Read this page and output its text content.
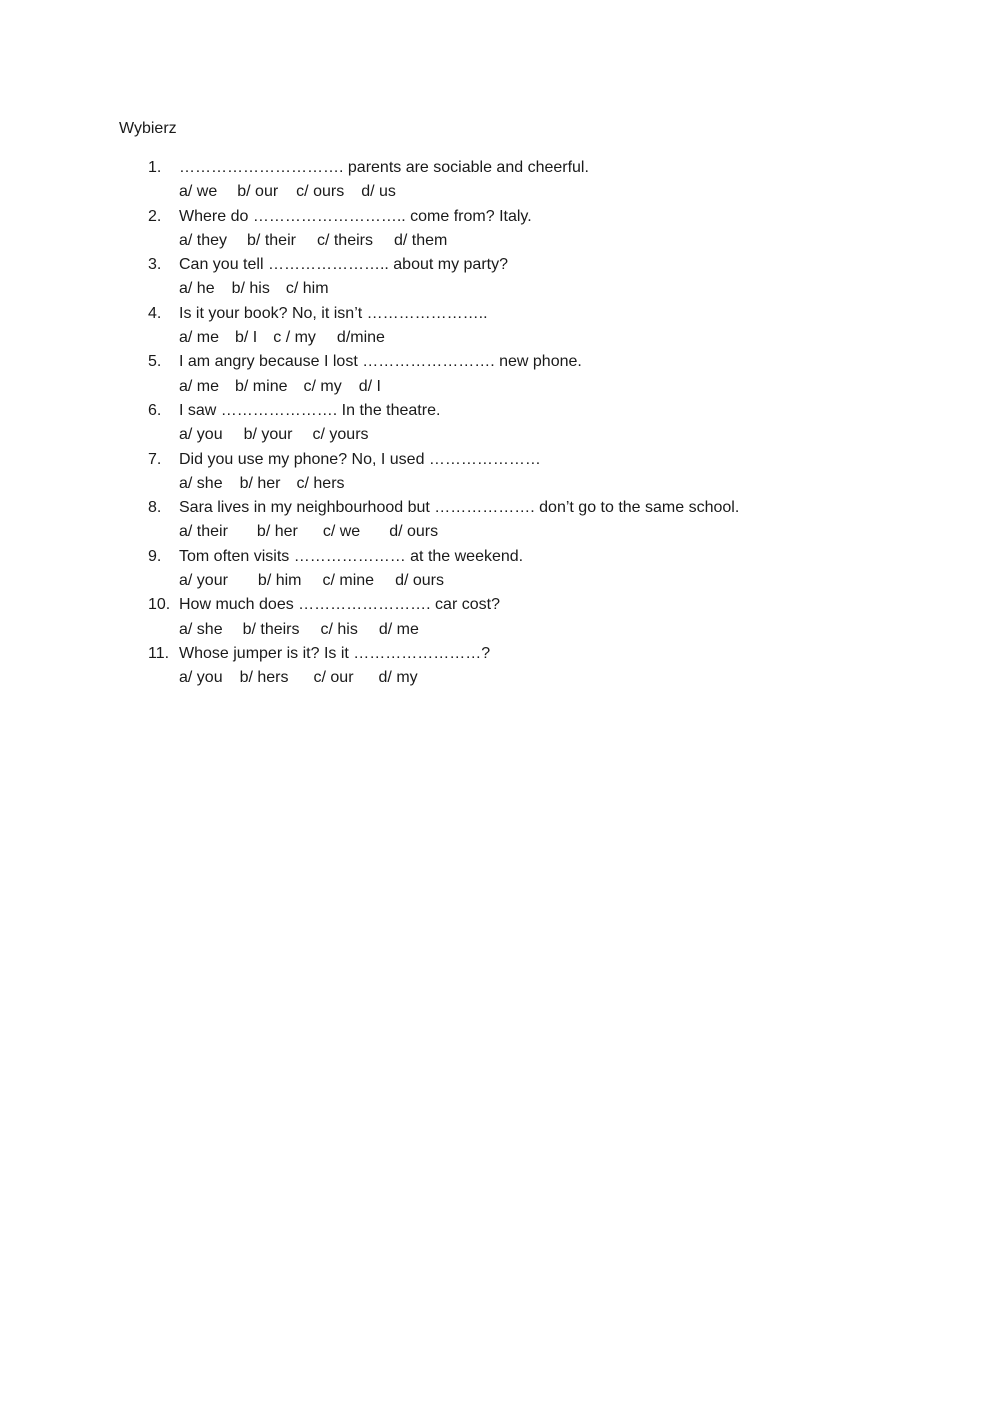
Wybierz
1.	…………………………. parents are sociable and cheerful.
a/ we b/ our c/ ours d/ us
2.	Where do ……………………….. come from? Italy.
a/ they b/ their c/ theirs d/ them
3.	Can you tell ………………….. about my party?
a/ he b/ his c/ him
4.	Is it your book? No, it isn’t …………………..
a/ me b/ I c / my d/mine
5.	I am angry because I lost ……………………. new phone.
a/ me b/ mine c/ my d/ I
6.	I saw …………………. In the theatre.
a/ you b/ your c/ yours
7.	Did you use my phone? No, I used …………………
a/ she b/ her c/ hers
8.	Sara lives in my neighbourhood but ………………. don’t go to the same school.
a/ their b/ her c/ we d/ ours
9.	Tom often visits ………………… at the weekend.
a/ your b/ him c/ mine d/ ours
10. How much does ……………………. car cost?
a/ she b/ theirs c/ his d/ me
11. Whose jumper is it? Is it ……………………?
a/ you b/ hers c/ our d/ my
